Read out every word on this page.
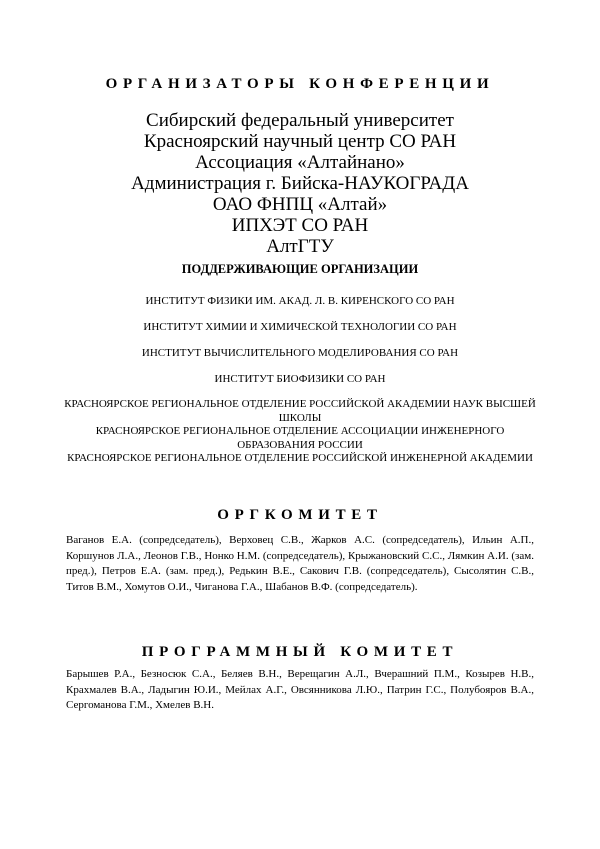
ОРГАНИЗАТОРЫ КОНФЕРЕНЦИИ
Сибирский федеральный университет
Красноярский научный центр СО РАН
Ассоциация «Алтайнано»
Администрация г. Бийска-НАУКОГРАДА
ОАО ФНПЦ «Алтай»
ИПХЭТ СО РАН
АлтГТУ
ПОДДЕРЖИВАЮЩИЕ ОРГАНИЗАЦИИ
ИНСТИТУТ ФИЗИКИ ИМ. АКАД. Л. В. КИРЕНСКОГО СО РАН
ИНСТИТУТ ХИМИИ И ХИМИЧЕСКОЙ ТЕХНОЛОГИИ СО РАН
ИНСТИТУТ ВЫЧИСЛИТЕЛЬНОГО МОДЕЛИРОВАНИЯ СО РАН
ИНСТИТУТ БИОФИЗИКИ СО РАН

КРАСНОЯРСКОЕ РЕГИОНАЛЬНОЕ ОТДЕЛЕНИЕ РОССИЙСКОЙ АКАДЕМИИ НАУК ВЫСШЕЙ ШКОЛЫ

КРАСНОЯРСКОЕ РЕГИОНАЛЬНОЕ ОТДЕЛЕНИЕ АССОЦИАЦИИ ИНЖЕНЕРНОГО ОБРАЗОВАНИЯ РОССИИ

КРАСНОЯРСКОЕ РЕГИОНАЛЬНОЕ ОТДЕЛЕНИЕ РОССИЙСКОЙ ИНЖЕНЕРНОЙ АКАДЕМИИ

ОРГКОМИТЕТ

Ваганов Е.А. (сопредседатель), Верховец С.В., Жарков А.С. (сопредседатель), Ильин А.П., Коршунов Л.А., Леонов Г.В., Нонко Н.М. (сопредседатель), Крыжановский С.С., Лямкин А.И. (зам. пред.), Петров Е.А. (зам. пред.), Редькин В.Е., Сакович Г.В. (сопредседатель), Сысолятин С.В., Титов В.М., Хомутов О.И., Чиганова Г.А., Шабанов В.Ф. (сопредседатель).

ПРОГРАММНЫЙ КОМИТЕТ

Барышев Р.А., Безносюк С.А., Беляев В.Н., Верещагин А.Л., Вчерашний П.М., Козырев Н.В., Крахмалев В.А., Ладыгин Ю.И., Мейлах А.Г., Овсянникова Л.Ю., Патрин Г.С., Полубояров В.А., Сергоманова Г.М., Хмелев В.Н.
